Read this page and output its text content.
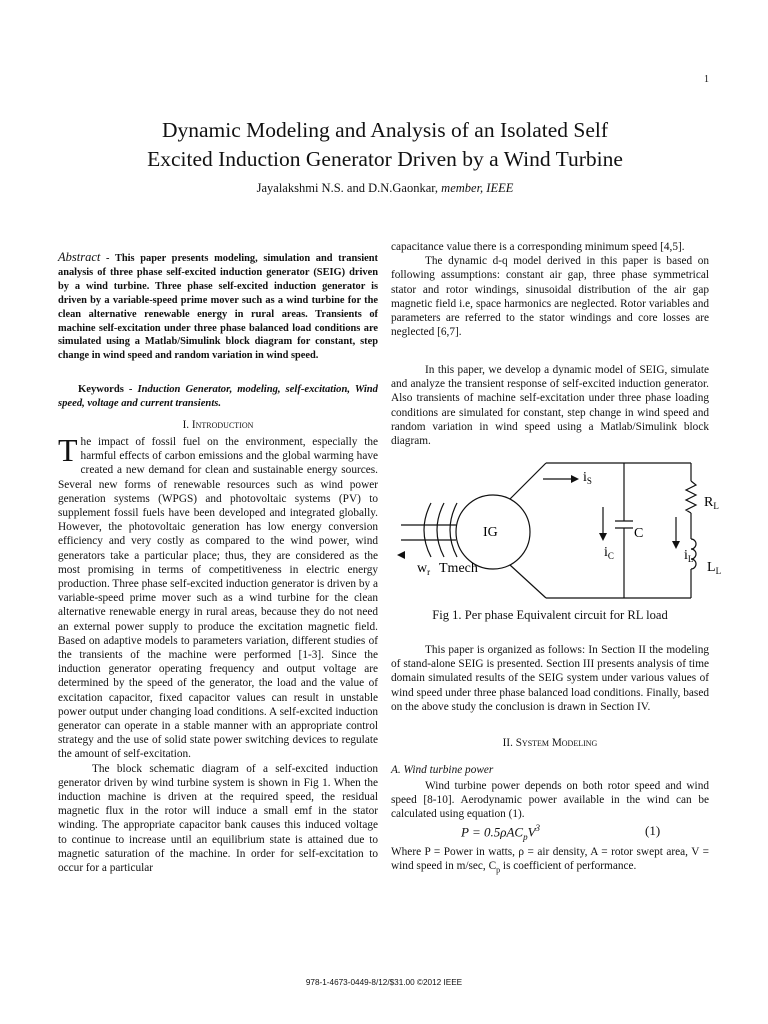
1
Dynamic Modeling and Analysis of an Isolated Self
Excited Induction Generator Driven by a Wind Turbine
Jayalakshmi N.S. and D.N.Gaonkar, member, IEEE
Abstract - This paper presents modeling, simulation and transient analysis of three phase self-excited induction generator (SEIG) driven by a wind turbine. Three phase self-excited induction generator is driven by a variable-speed prime mover such as a wind turbine for the clean alternative renewable energy in rural areas. Transients of machine self-excitation under three phase balanced load conditions are simulated using a Matlab/Simulink block diagram for constant, step change in wind speed and random variation in wind speed.
Keywords - Induction Generator, modeling, self-excitation, Wind speed, voltage and current transients.
I. Introduction

The impact of fossil fuel on the environment, especially the harmful effects of carbon emissions and the global warming have created a new demand for clean and sustainable energy sources. Several new forms of renewable resources such as wind power generation systems (WPGS) and photovoltaic systems (PV) to supplement fossil fuels have been developed and integrated globally. However, the photovoltaic generation has low energy conversion efficiency and very costly as compared to the wind power, wind generators take a particular place; thus, they are considered as the most promising in terms of competitiveness in electric energy production. Three phase self-excited induction generator is driven by a variable-speed prime mover such as a wind turbine for the clean alternative renewable energy in rural areas, because they do not need an external power supply to produce the excitation magnetic field. Based on adaptive models to parameters variation, different studies of the transients of the machine were performed [1-3]. Since the induction generator operating frequency and output voltage are determined by the speed of the generator, the load and the value of excitation capacitor, fixed capacitor values can result in unstable power output under changing load conditions. A self-excited induction generator can operate in a stable manner with an appropriate control strategy and the use of solid state power switching devices to regulate the amount of self-excitation.

The block schematic diagram of a self-excited induction generator driven by wind turbine system is shown in Fig 1. When the induction machine is driven at the required speed, the residual magnetic flux in the rotor will induce a small emf in the stator winding. The appropriate capacitor bank causes this induced voltage to continue to increase until an equilibrium state is attained due to magnetic saturation of the machine. In order for self-excitation to occur for a particular

capacitance value there is a corresponding minimum speed [4,5].

The dynamic d-q model derived in this paper is based on following assumptions: constant air gap, three phase symmetrical stator and rotor windings, sinusoidal distribution of the air gap magnetic field i.e, space harmonics are neglected. Rotor variables and parameters are referred to the stator windings and core losses are neglected [6,7].

In this paper, we develop a dynamic model of SEIG, simulate and analyze the transient response of self-excited induction generator. Also transients of machine self-excitation under three phase loading conditions are simulated for constant, step change in wind speed and random variation in wind speed using a Matlab/Simulink block diagram.

IG
$w_r$ Tmech
$i_S$
$i_C$
C
$i_L$
$R_L$
$L_L$
Fig 1. Per phase Equivalent circuit for RL load

This paper is organized as follows: In Section II the modeling of stand-alone SEIG is presented. Section III presents analysis of time domain simulated results of the SEIG system under various values of wind speed under three phase balanced load conditions. Finally, based on the above study the conclusion is drawn in Section IV.

II. System Modeling
A. Wind turbine power

Wind turbine power depends on both rotor speed and wind speed [8-10]. Aerodynamic power available in the wind can be calculated using equation (1).

$P = 0.5\rho AC_pV^3$	(1)

Where P = Power in watts, ρ = air density, A = rotor swept area, V = wind speed in m/sec, $C_p$ is coefficient of performance.

978-1-4673-0449-8/12/$31.00 ©2012 IEEE
